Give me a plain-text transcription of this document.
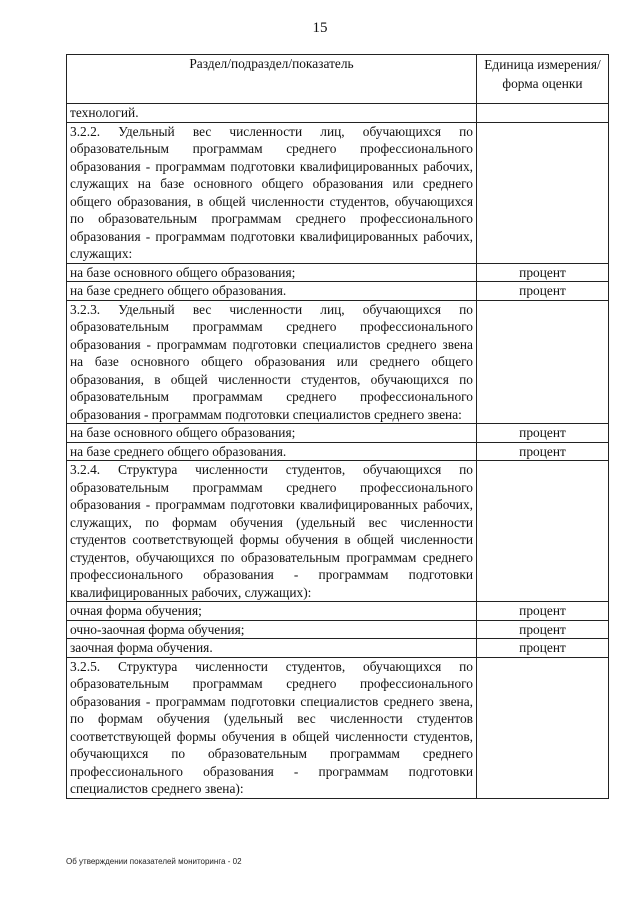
15
Раздел/подраздел/показатель	Единица измерения/ форма оценки
технологий.	
3.2.2. Удельный вес численности лиц, обучающихся по образовательным программам среднего профессионального образования - программам подготовки квалифицированных рабочих, служащих на базе основного общего образования или среднего общего образования, в общей численности студентов, обучающихся по образовательным программам среднего профессионального образования - программам подготовки квалифицированных рабочих, служащих:	
на базе основного общего образования;	процент
на базе среднего общего образования.	процент
3.2.3. Удельный вес численности лиц, обучающихся по образовательным программам среднего профессионального образования - программам подготовки специалистов среднего звена на базе основного общего образования или среднего общего образования, в общей численности студентов, обучающихся по образовательным программам среднего профессионального образования - программам подготовки специалистов среднего звена:	
на базе основного общего образования;	процент
на базе среднего общего образования.	процент
3.2.4. Структура численности студентов, обучающихся по образовательным программам среднего профессионального образования - программам подготовки квалифицированных рабочих, служащих, по формам обучения (удельный вес численности студентов соответствующей формы обучения в общей численности студентов, обучающихся по образовательным программам среднего профессионального образования - программам подготовки квалифицированных рабочих, служащих):	
очная форма обучения;	процент
очно-заочная форма обучения;	процент
заочная форма обучения.	процент
3.2.5. Структура численности студентов, обучающихся по образовательным программам среднего профессионального образования - программам подготовки специалистов среднего звена, по формам обучения (удельный вес численности студентов соответствующей формы обучения в общей численности студентов, обучающихся по образовательным программам среднего профессионального образования - программам подготовки специалистов среднего звена):	
Об утверждении показателей мониторинга - 02
